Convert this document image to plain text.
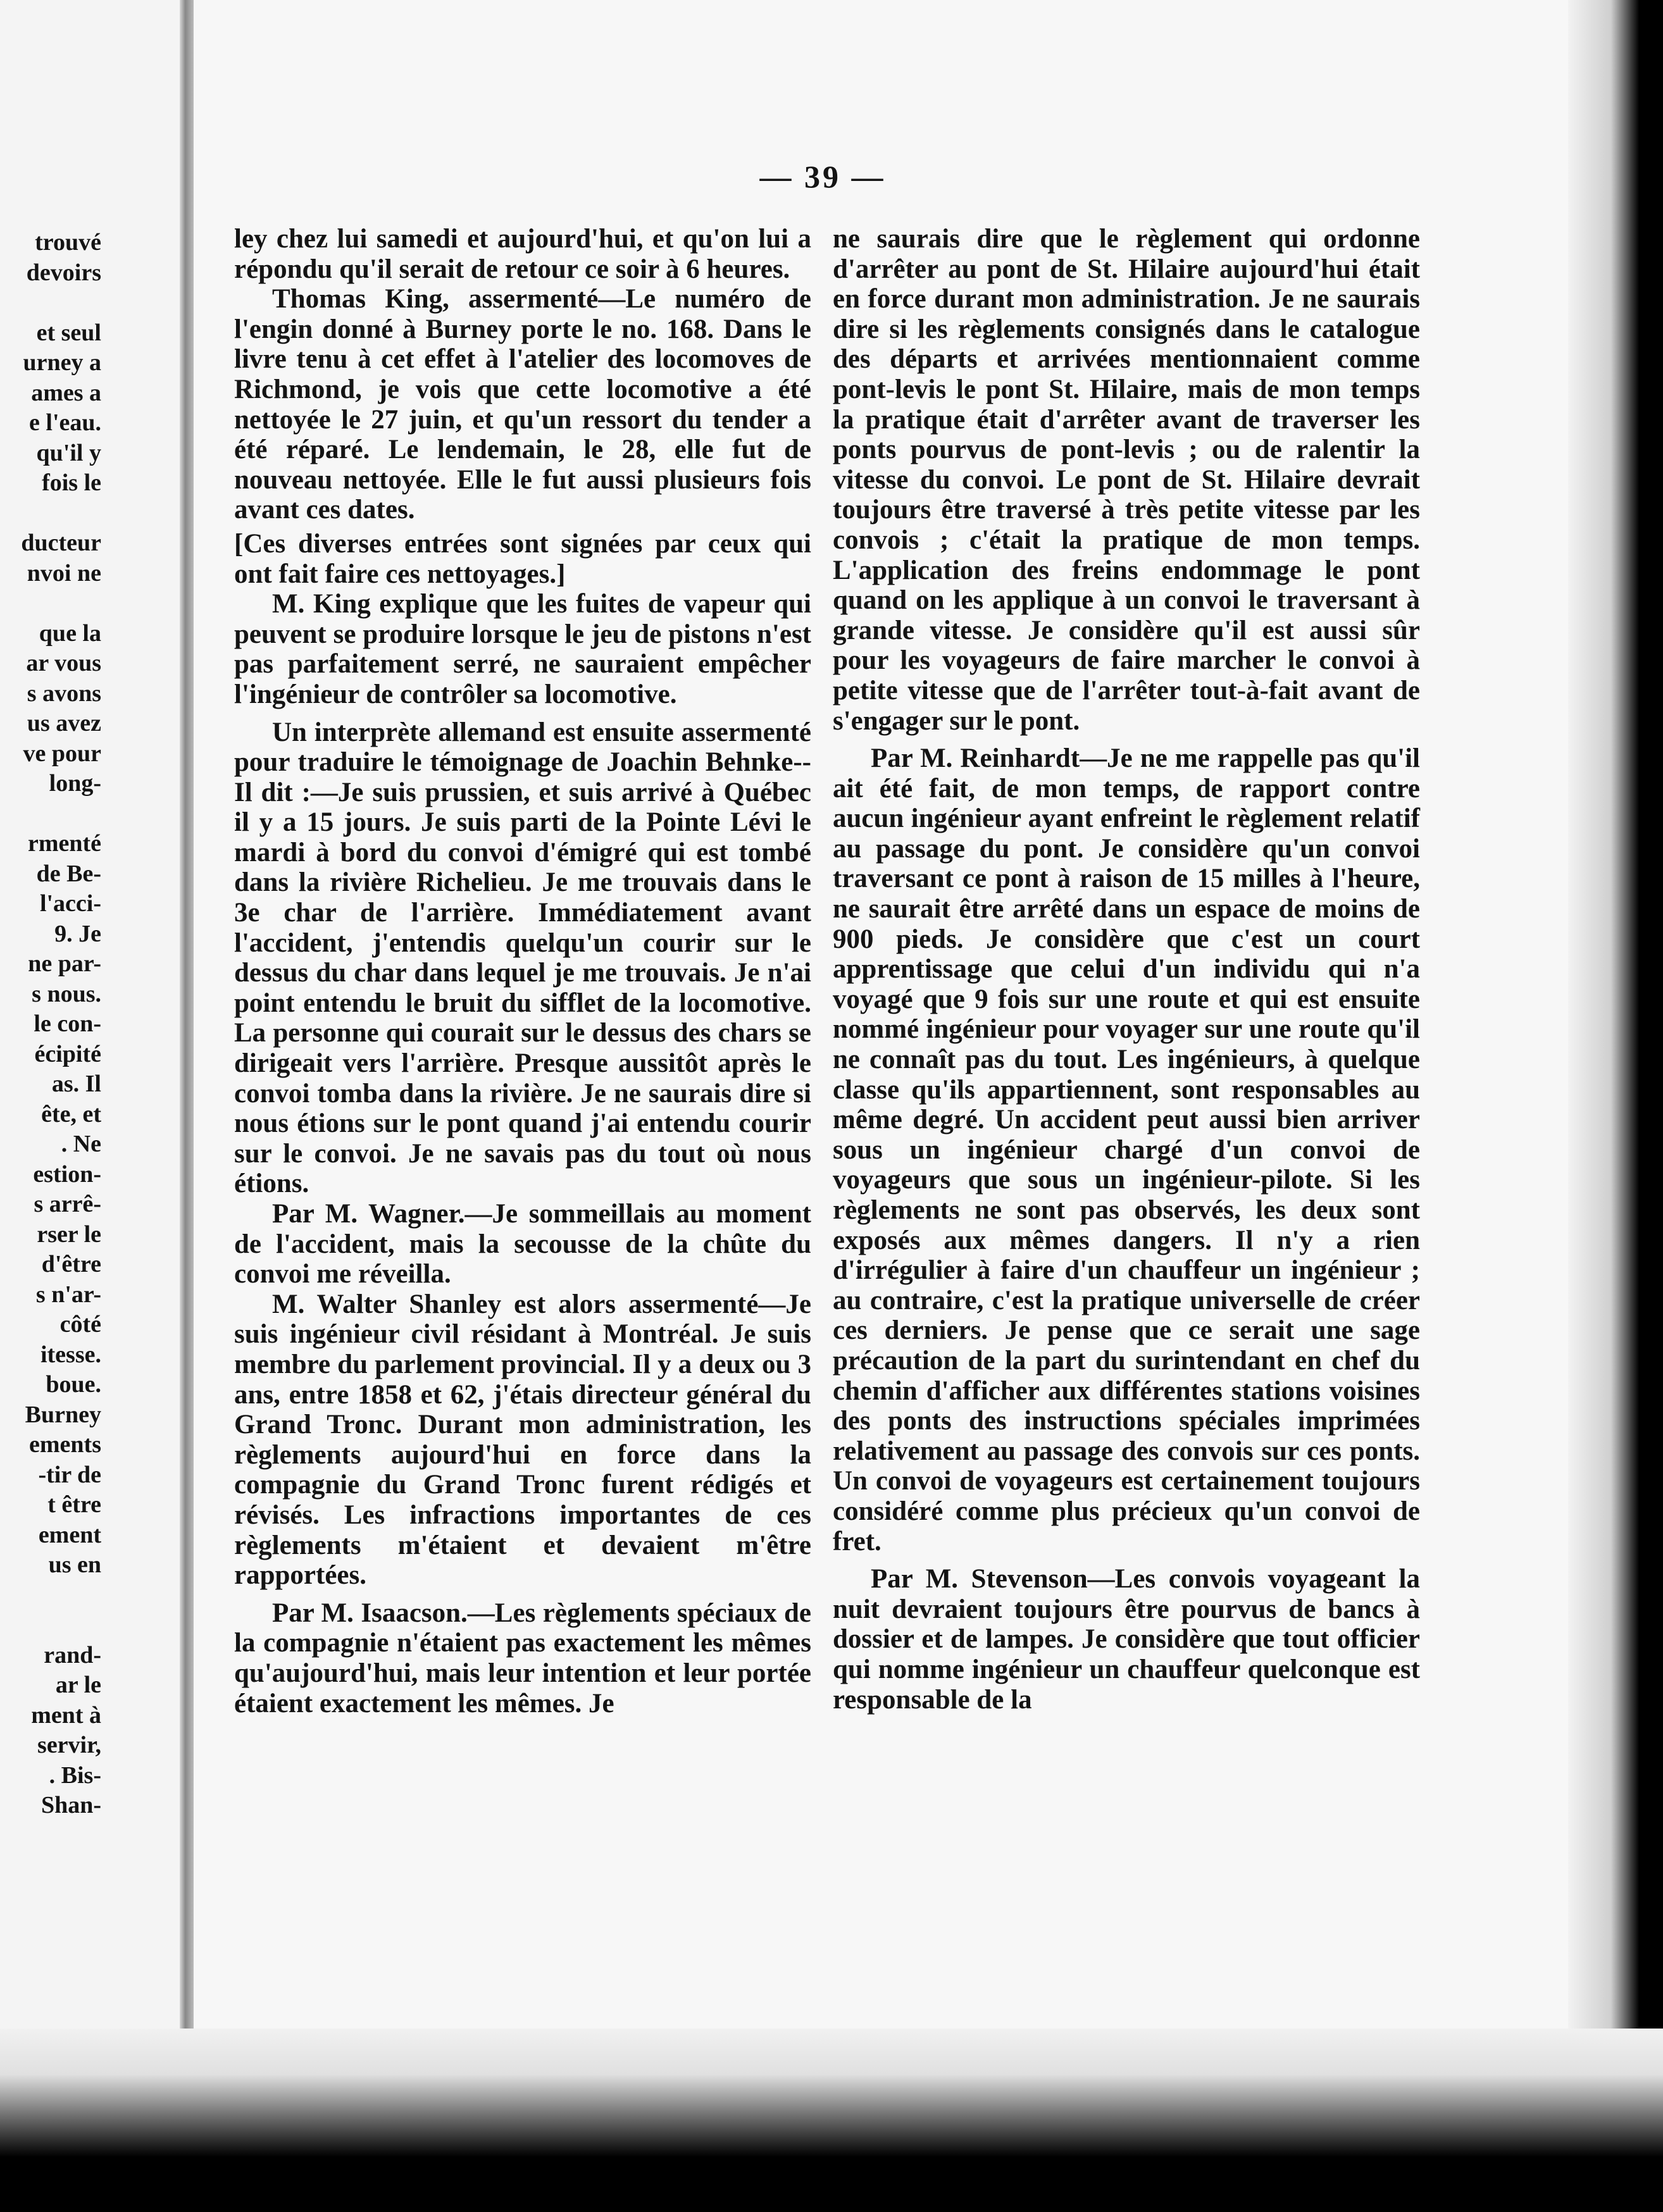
trouvé
devoirs

et seul
urney a
ames a
e l'eau.
qu'il y
fois le

ducteur
nvoi ne

que la
ar vous
s avons
us avez
ve pour
long-

rmenté
de Be-
l'acci-
9. Je
ne par-
s nous.
le con-
écipité
as. Il
ête, et
. Ne
estion-
s arrê-
rser le
d'être
s n'ar-
côté
itesse.
boue.
Burney
ements
-tir de
t être
ement
us en

rand-
ar le
ment à
servir,
. Bis-
Shan-
— 39 —

ley chez lui samedi et aujourd'hui, et qu'on lui a répondu qu'il serait de retour ce soir à 6 heures.

Thomas King, assermenté—Le numéro de l'engin donné à Burney porte le no. 168. Dans le livre tenu à cet effet à l'atelier des locomoves de Richmond, je vois que cette locomotive a été nettoyée le 27 juin, et qu'un ressort du tender a été réparé. Le lendemain, le 28, elle fut de nouveau nettoyée. Elle le fut aussi plusieurs fois avant ces dates.

[Ces diverses entrées sont signées par ceux qui ont fait faire ces nettoyages.]

M. King explique que les fuites de vapeur qui peuvent se produire lorsque le jeu de pistons n'est pas parfaitement serré, ne sauraient empêcher l'ingénieur de contrôler sa locomotive.

Un interprète allemand est ensuite assermenté pour traduire le témoignage de Joachin Behnke--Il dit :—Je suis prussien, et suis arrivé à Québec il y a 15 jours. Je suis parti de la Pointe Lévi le mardi à bord du convoi d'émigré qui est tombé dans la rivière Richelieu. Je me trouvais dans le 3e char de l'arrière. Immédiatement avant l'accident, j'entendis quelqu'un courir sur le dessus du char dans lequel je me trouvais. Je n'ai point entendu le bruit du sifflet de la locomotive. La personne qui courait sur le dessus des chars se dirigeait vers l'arrière. Presque aussitôt après le convoi tomba dans la rivière. Je ne saurais dire si nous étions sur le pont quand j'ai entendu courir sur le convoi. Je ne savais pas du tout où nous étions.

Par M. Wagner.—Je sommeillais au moment de l'accident, mais la secousse de la chûte du convoi me réveilla.

M. Walter Shanley est alors assermenté—Je suis ingénieur civil résidant à Montréal. Je suis membre du parlement provincial. Il y a deux ou 3 ans, entre 1858 et 62, j'étais directeur général du Grand Tronc. Durant mon administration, les règlements aujourd'hui en force dans la compagnie du Grand Tronc furent rédigés et révisés. Les infractions importantes de ces règlements m'étaient et devaient m'être rapportées.

Par M. Isaacson.—Les règlements spéciaux de la compagnie n'étaient pas exactement les mêmes qu'aujourd'hui, mais leur intention et leur portée étaient exactement les mêmes. Je

ne saurais dire que le règlement qui ordonne d'arrêter au pont de St. Hilaire aujourd'hui était en force durant mon administration. Je ne saurais dire si les règlements consignés dans le catalogue des départs et arrivées mentionnaient comme pont-levis le pont St. Hilaire, mais de mon temps la pratique était d'arrêter avant de traverser les ponts pourvus de pont-levis ; ou de ralentir la vitesse du convoi. Le pont de St. Hilaire devrait toujours être traversé à très petite vitesse par les convois ; c'était la pratique de mon temps. L'application des freins endommage le pont quand on les applique à un convoi le traversant à grande vitesse. Je considère qu'il est aussi sûr pour les voyageurs de faire marcher le convoi à petite vitesse que de l'arrêter tout-à-fait avant de s'engager sur le pont.

Par M. Reinhardt—Je ne me rappelle pas qu'il ait été fait, de mon temps, de rapport contre aucun ingénieur ayant enfreint le règlement relatif au passage du pont. Je considère qu'un convoi traversant ce pont à raison de 15 milles à l'heure, ne saurait être arrêté dans un espace de moins de 900 pieds. Je considère que c'est un court apprentissage que celui d'un individu qui n'a voyagé que 9 fois sur une route et qui est ensuite nommé ingénieur pour voyager sur une route qu'il ne connaît pas du tout. Les ingénieurs, à quelque classe qu'ils appartiennent, sont responsables au même degré. Un accident peut aussi bien arriver sous un ingénieur chargé d'un convoi de voyageurs que sous un ingénieur-pilote. Si les règlements ne sont pas observés, les deux sont exposés aux mêmes dangers. Il n'y a rien d'irrégulier à faire d'un chauffeur un ingénieur ; au contraire, c'est la pratique universelle de créer ces derniers. Je pense que ce serait une sage précaution de la part du surintendant en chef du chemin d'afficher aux différentes stations voisines des ponts des instructions spéciales imprimées relativement au passage des convois sur ces ponts. Un convoi de voyageurs est certainement toujours considéré comme plus précieux qu'un convoi de fret.

Par M. Stevenson—Les convois voyageant la nuit devraient toujours être pourvus de bancs à dossier et de lampes. Je considère que tout officier qui nomme ingénieur un chauffeur quelconque est responsable de la
